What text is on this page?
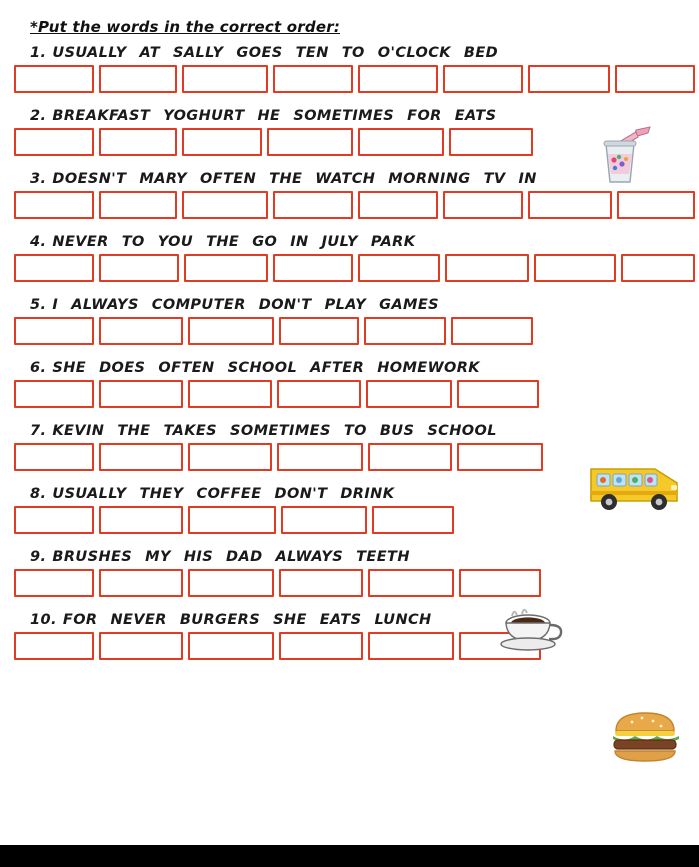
*Put the words in the correct order:
1. USUALLY AT SALLY GOES TEN TO O'CLOCK BED
2. BREAKFAST YOGHURT HE SOMETIMES FOR EATS
3. DOESN'T MARY OFTEN THE WATCH MORNING TV IN
4. NEVER TO YOU THE GO IN JULY PARK
5. I ALWAYS COMPUTER DON'T PLAY GAMES
6. SHE DOES OFTEN SCHOOL AFTER HOMEWORK
7. KEVIN THE TAKES SOMETIMES TO BUS SCHOOL
8. USUALLY THEY COFFEE DON'T DRINK
9. BRUSHES MY HIS DAD ALWAYS TEETH
10. FOR NEVER BURGERS SHE EATS LUNCH
